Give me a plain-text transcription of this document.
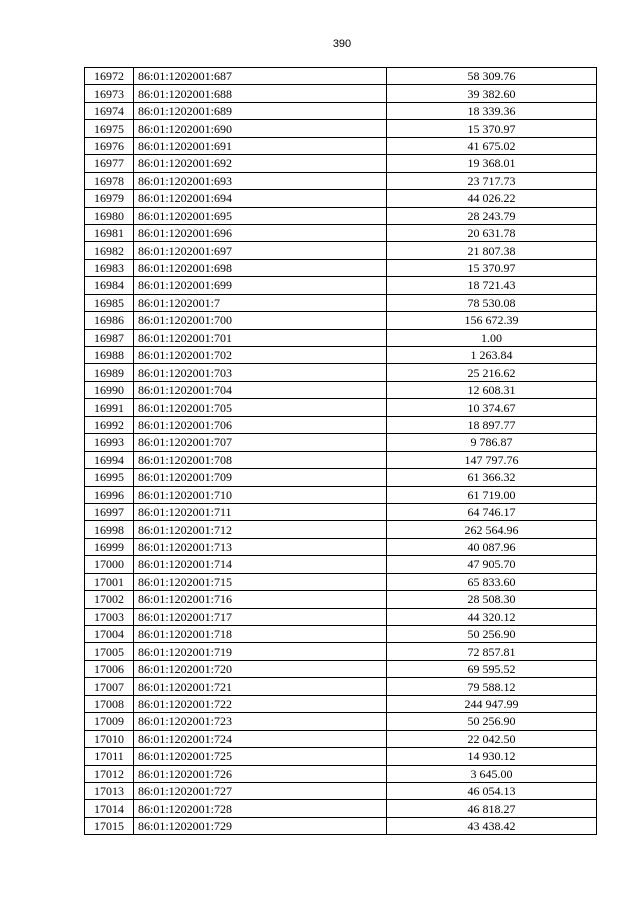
390
16972	86:01:1202001:687	58 309.76
16973	86:01:1202001:688	39 382.60
16974	86:01:1202001:689	18 339.36
16975	86:01:1202001:690	15 370.97
16976	86:01:1202001:691	41 675.02
16977	86:01:1202001:692	19 368.01
16978	86:01:1202001:693	23 717.73
16979	86:01:1202001:694	44 026.22
16980	86:01:1202001:695	28 243.79
16981	86:01:1202001:696	20 631.78
16982	86:01:1202001:697	21 807.38
16983	86:01:1202001:698	15 370.97
16984	86:01:1202001:699	18 721.43
16985	86:01:1202001:7	78 530.08
16986	86:01:1202001:700	156 672.39
16987	86:01:1202001:701	1.00
16988	86:01:1202001:702	1 263.84
16989	86:01:1202001:703	25 216.62
16990	86:01:1202001:704	12 608.31
16991	86:01:1202001:705	10 374.67
16992	86:01:1202001:706	18 897.77
16993	86:01:1202001:707	9 786.87
16994	86:01:1202001:708	147 797.76
16995	86:01:1202001:709	61 366.32
16996	86:01:1202001:710	61 719.00
16997	86:01:1202001:711	64 746.17
16998	86:01:1202001:712	262 564.96
16999	86:01:1202001:713	40 087.96
17000	86:01:1202001:714	47 905.70
17001	86:01:1202001:715	65 833.60
17002	86:01:1202001:716	28 508.30
17003	86:01:1202001:717	44 320.12
17004	86:01:1202001:718	50 256.90
17005	86:01:1202001:719	72 857.81
17006	86:01:1202001:720	69 595.52
17007	86:01:1202001:721	79 588.12
17008	86:01:1202001:722	244 947.99
17009	86:01:1202001:723	50 256.90
17010	86:01:1202001:724	22 042.50
17011	86:01:1202001:725	14 930.12
17012	86:01:1202001:726	3 645.00
17013	86:01:1202001:727	46 054.13
17014	86:01:1202001:728	46 818.27
17015	86:01:1202001:729	43 438.42
